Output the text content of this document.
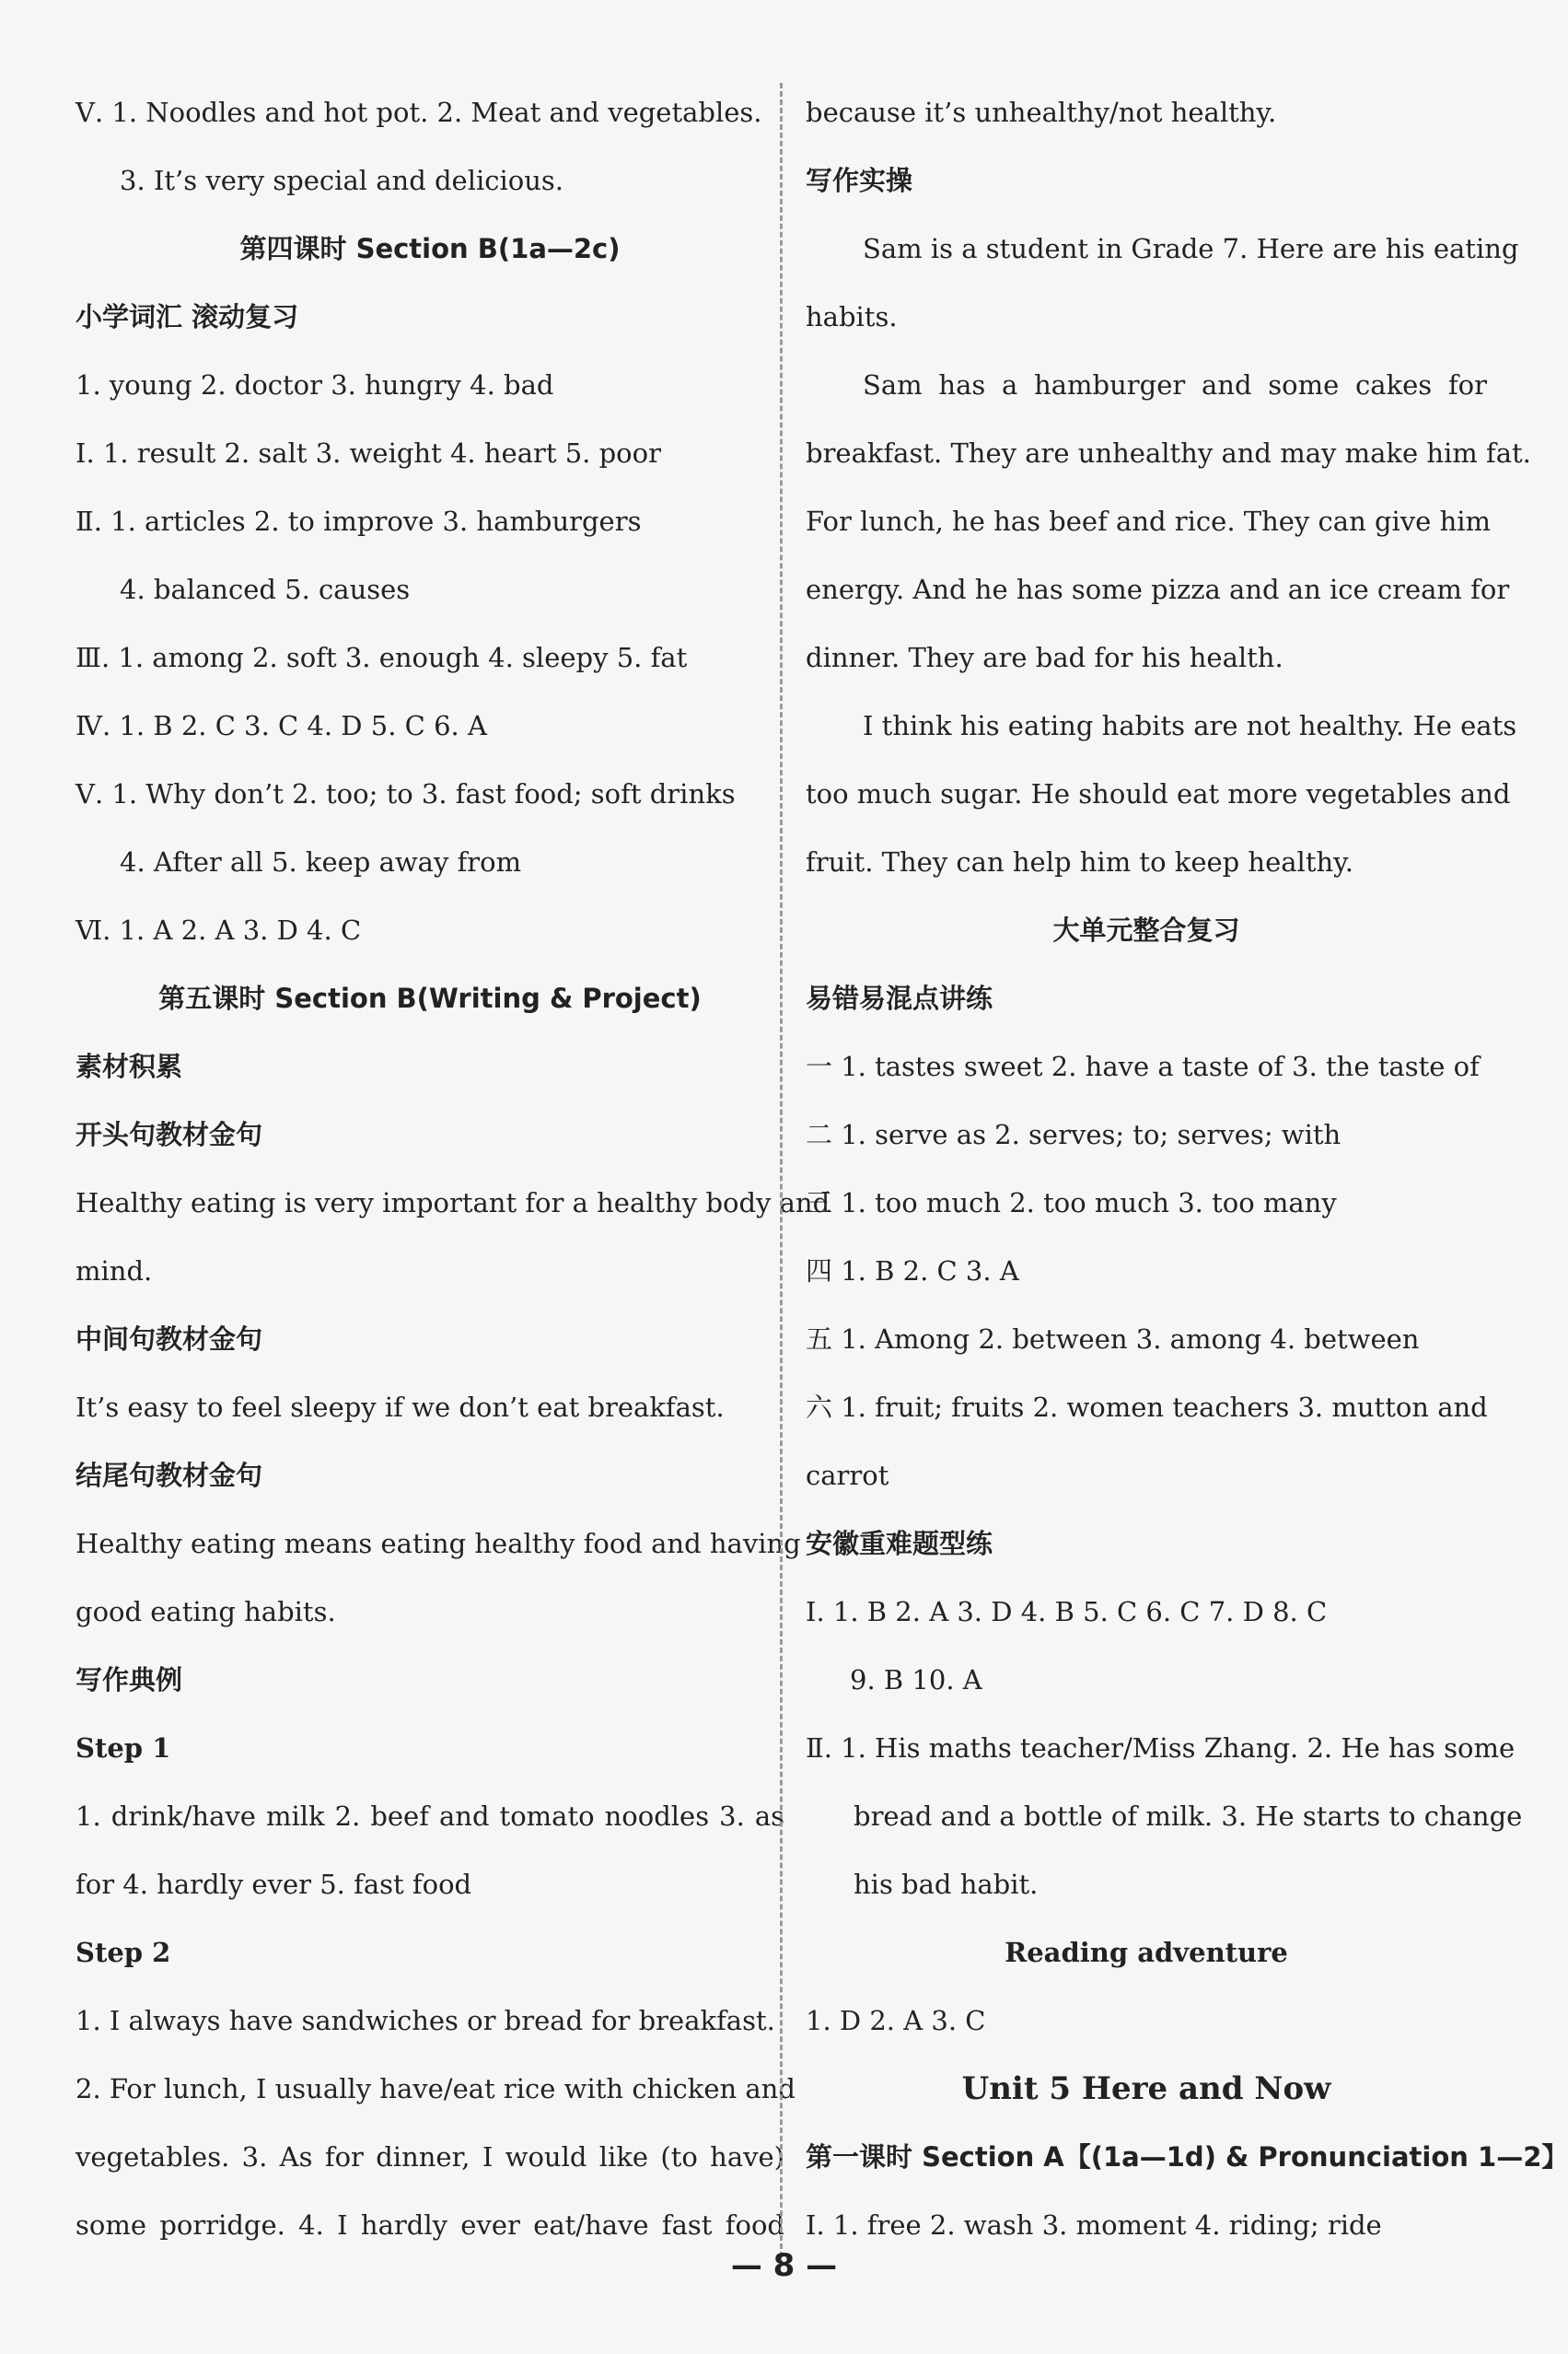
Ⅴ. 1. Noodles and hot pot. 2. Meat and vegetables.
3. It’s very special and delicious.
第四课时 Section B(1a—2c)
小学词汇 滚动复习
1. young 2. doctor 3. hungry 4. bad
Ⅰ. 1. result 2. salt 3. weight 4. heart 5. poor
Ⅱ. 1. articles 2. to improve 3. hamburgers
4. balanced 5. causes
Ⅲ. 1. among 2. soft 3. enough 4. sleepy 5. fat
Ⅳ. 1. B 2. C 3. C 4. D 5. C 6. A
Ⅴ. 1. Why don’t 2. too; to 3. fast food; soft drinks
4. After all 5. keep away from
Ⅵ. 1. A 2. A 3. D 4. C
第五课时 Section B(Writing & Project)
素材积累
开头句教材金句
Healthy eating is very important for a healthy body and
mind.
中间句教材金句
It’s easy to feel sleepy if we don’t eat breakfast.
结尾句教材金句
Healthy eating means eating healthy food and having
good eating habits.
写作典例
Step 1
1. drink/have milk 2. beef and tomato noodles 3. as
for 4. hardly ever 5. fast food
Step 2
1. I always have sandwiches or bread for breakfast.
2. For lunch, I usually have/eat rice with chicken and
vegetables. 3. As for dinner, I would like (to have)
some porridge. 4. I hardly ever eat/have fast food
because it’s unhealthy/not healthy.
写作实操
Sam is a student in Grade 7. Here are his eating
habits.
Sam has a hamburger and some cakes for
breakfast. They are unhealthy and may make him fat.
For lunch, he has beef and rice. They can give him
energy. And he has some pizza and an ice cream for
dinner. They are bad for his health.
I think his eating habits are not healthy. He eats
too much sugar. He should eat more vegetables and
fruit. They can help him to keep healthy.
大单元整合复习
易错易混点讲练
一 1. tastes sweet 2. have a taste of 3. the taste of
二 1. serve as 2. serves; to; serves; with
三 1. too much 2. too much 3. too many
四 1. B 2. C 3. A
五 1. Among 2. between 3. among 4. between
六 1. fruit; fruits 2. women teachers 3. mutton and
carrot
安徽重难题型练
Ⅰ. 1. B 2. A 3. D 4. B 5. C 6. C 7. D 8. C
9. B 10. A
Ⅱ. 1. His maths teacher/Miss Zhang. 2. He has some
bread and a bottle of milk. 3. He starts to change
his bad habit.
Reading adventure
1. D 2. A 3. C
Unit 5 Here and Now
第一课时 Section A【(1a—1d) & Pronunciation 1—2】
Ⅰ. 1. free 2. wash 3. moment 4. riding; ride
— 8 —
